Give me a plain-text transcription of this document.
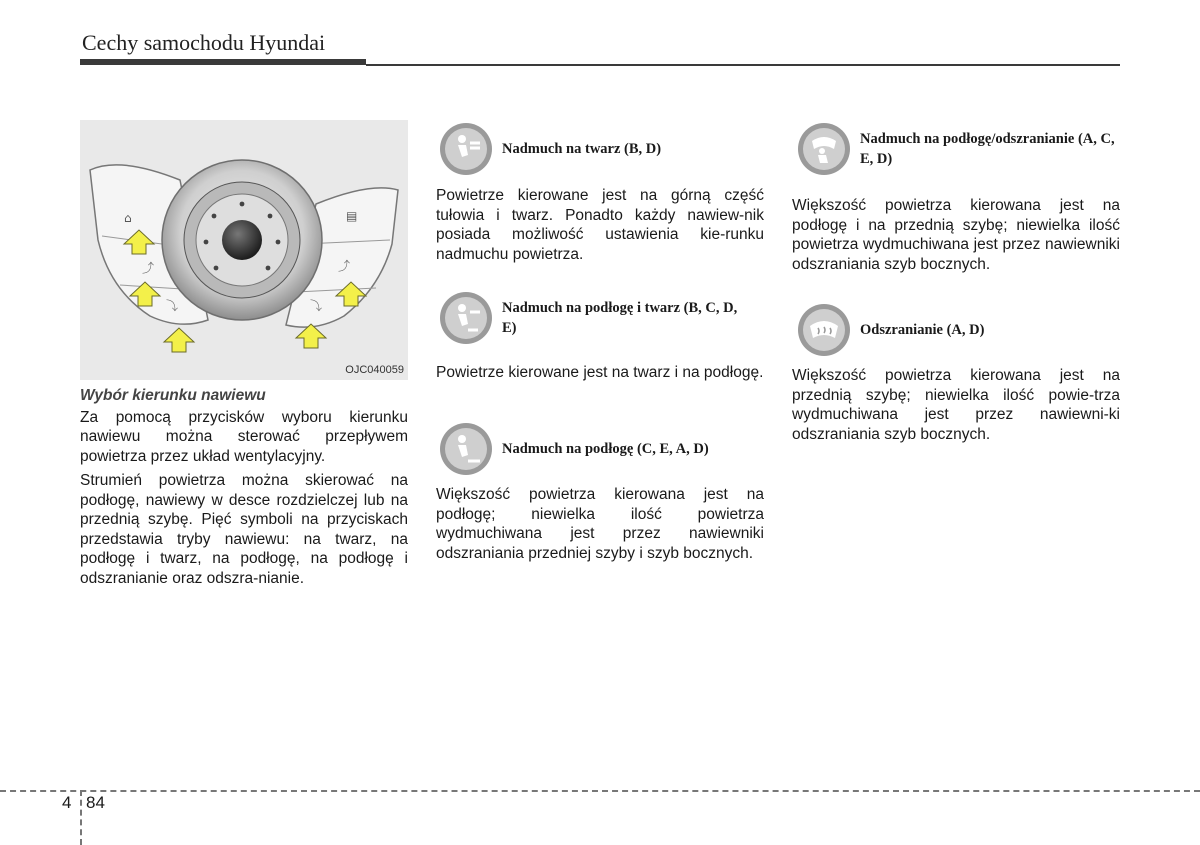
Cechy samochodu Hyundai
⌂
⤴
⤵
▤
⤴
⤵
OJC040059

Wybór kierunku nawiewu

Za pomocą przycisków wyboru kierunku nawiewu można sterować przepływem powietrza przez układ wentylacyjny.

Strumień powietrza można skierować na podłogę, nawiewy w desce rozdzielczej lub na przednią szybę. Pięć symboli na przyciskach przedstawia tryby nawiewu: na twarz, na podłogę i twarz, na podłogę, na podłogę i odszranianie oraz odszra-nianie.

Nadmuch na twarz (B, D)
Powietrze kierowane jest na górną część tułowia i twarz. Ponadto każdy nawiew-nik posiada możliwość ustawienia kie-runku nadmuchu powietrza.
Nadmuch na podłogę i twarz (B, C, D, E)
Powietrze kierowane jest na twarz i na podłogę.
Nadmuch na podłogę (C, E, A, D)
Większość powietrza kierowana jest na podłogę; niewielka ilość powietrza wydmuchiwana jest przez nawiewniki odszraniania przedniej szyby i szyb bocznych.
Nadmuch na podłogę/odszranianie (A, C, E, D)
Większość powietrza kierowana jest na podłogę i na przednią szybę; niewielka ilość powietrza wydmuchiwana jest przez nawiewniki odszraniania szyb bocznych.
Odszranianie (A, D)
Większość powietrza kierowana jest na przednią szybę; niewielka ilość powie-trza wydmuchiwana jest przez nawiewni-ki odszraniania szyb bocznych.
4 84
